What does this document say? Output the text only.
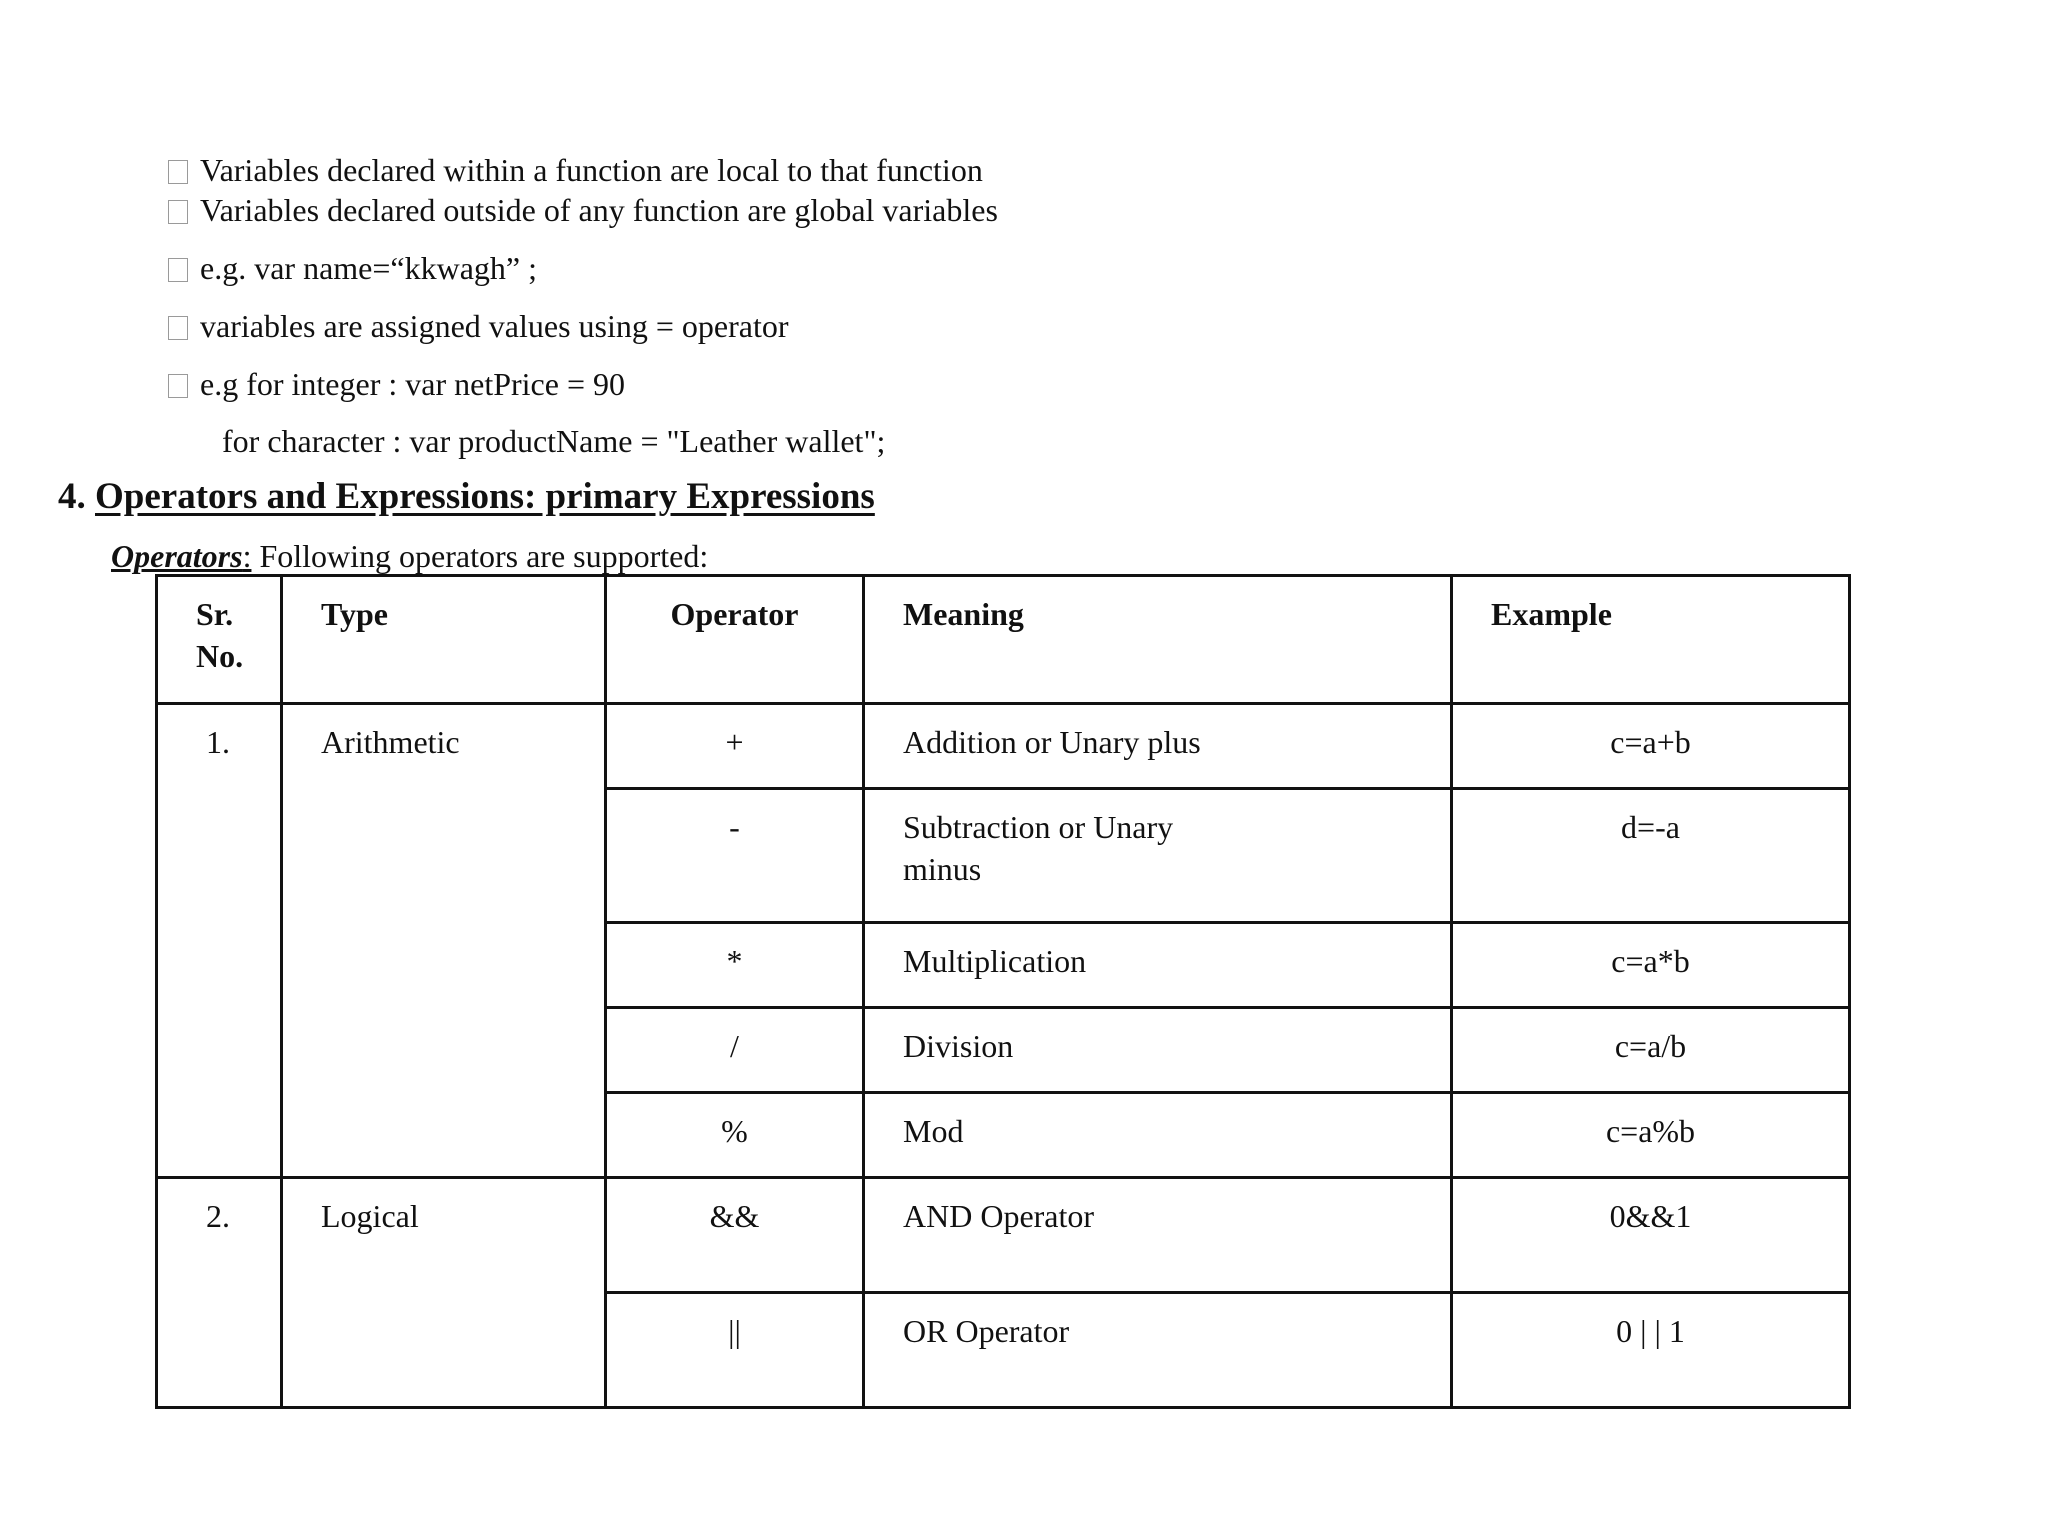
Variables declared within a function are local to that function
Variables declared outside of any function are global variables
e.g. var name=“kkwagh” ;
variables are assigned values using = operator
e.g for integer : var netPrice = 90
for character : var productName = "Leather wallet";
4. Operators and Expressions: primary Expressions
Operators: Following operators are supported:
Sr.
No.	Type	Operator	Meaning	Example
1.	Arithmetic	+	Addition or Unary plus	c=a+b
		-	Subtraction or Unary
minus	d=-a
		*	Multiplication	c=a*b
		/	Division	c=a/b
		%	Mod	c=a%b
2.	Logical	&&	AND Operator	0&&1
		||	OR Operator	0 | | 1
